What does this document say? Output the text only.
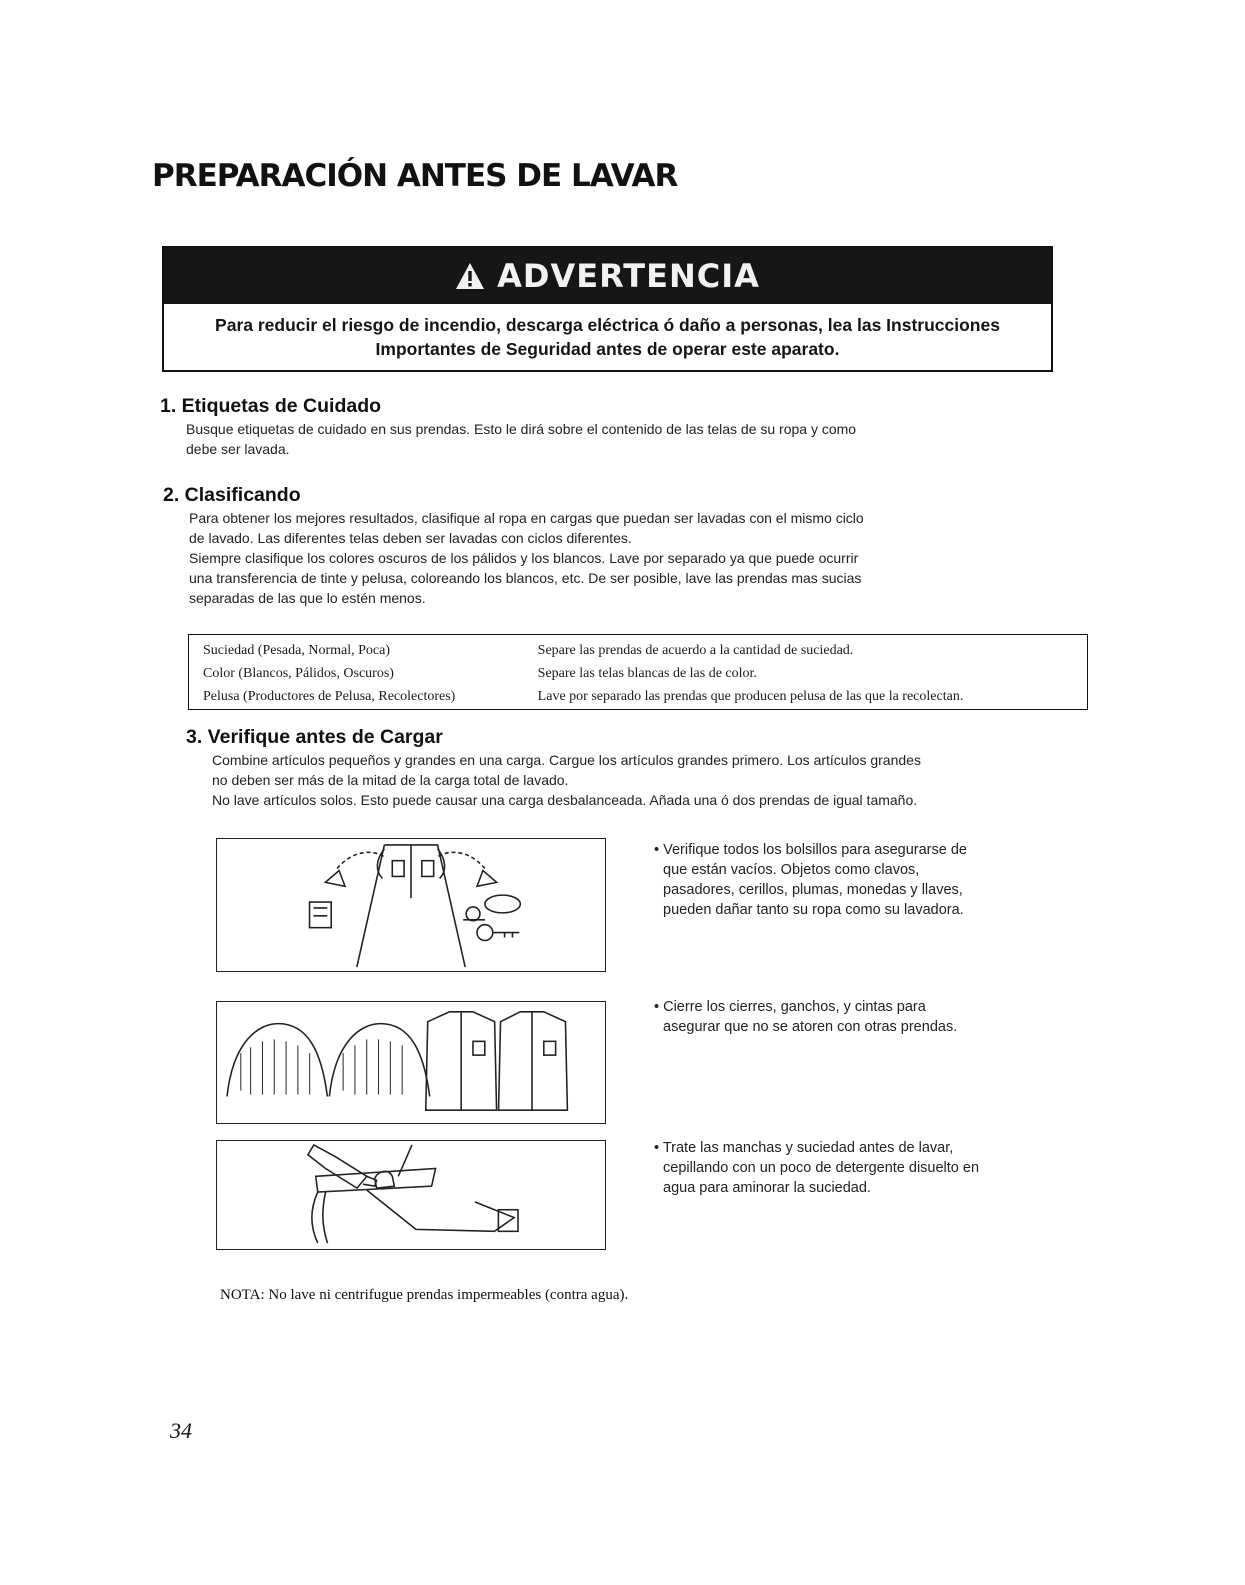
PREPARACIÓN ANTES DE LAVAR
ADVERTENCIA

Para reducir el riesgo de incendio, descarga eléctrica ó daño a personas, lea las Instrucciones
Importantes de Seguridad antes de operar este aparato.

1. Etiquetas de Cuidado

Busque etiquetas de cuidado en sus prendas. Esto le dirá sobre el contenido de las telas de su ropa y como
debe ser lavada.

2. Clasificando

Para obtener los mejores resultados, clasifique al ropa en cargas que puedan ser lavadas con el mismo ciclo
de lavado. Las diferentes telas deben ser lavadas con ciclos diferentes.
Siempre clasifique los colores oscuros de los pálidos y los blancos. Lave por separado ya que puede ocurrir
una transferencia de tinte y pelusa, coloreando los blancos, etc. De ser posible, lave las prendas mas sucias
separadas de las que lo estén menos.

Suciedad (Pesada, Normal, Poca)	Separe las prendas de acuerdo a la cantidad de suciedad.
Color (Blancos, Pálidos, Oscuros)	Separe las telas blancas de las de color.
Pelusa (Productores de Pelusa, Recolectores)	Lave por separado las prendas que producen pelusa de las que la recolectan.
3. Verifique antes de Cargar

Combine artículos pequeños y grandes en una carga. Cargue los artículos grandes primero. Los artículos grandes
no deben ser más de la mitad de la carga total de lavado.
No lave artículos solos. Esto puede causar una carga desbalanceada. Añada una ó dos prendas de igual tamaño.

• Verifique todos los bolsillos para asegurarse de
que están vacíos. Objetos como clavos,
pasadores, cerillos, plumas, monedas y llaves,
pueden dañar tanto su ropa como su lavadora.

• Cierre los cierres, ganchos, y cintas para
asegurar que no se atoren con otras prendas.

• Trate las manchas y suciedad antes de lavar,
cepillando con un poco de detergente disuelto en
agua para aminorar la suciedad.

NOTA: No lave ni centrifugue prendas impermeables (contra agua).

34
